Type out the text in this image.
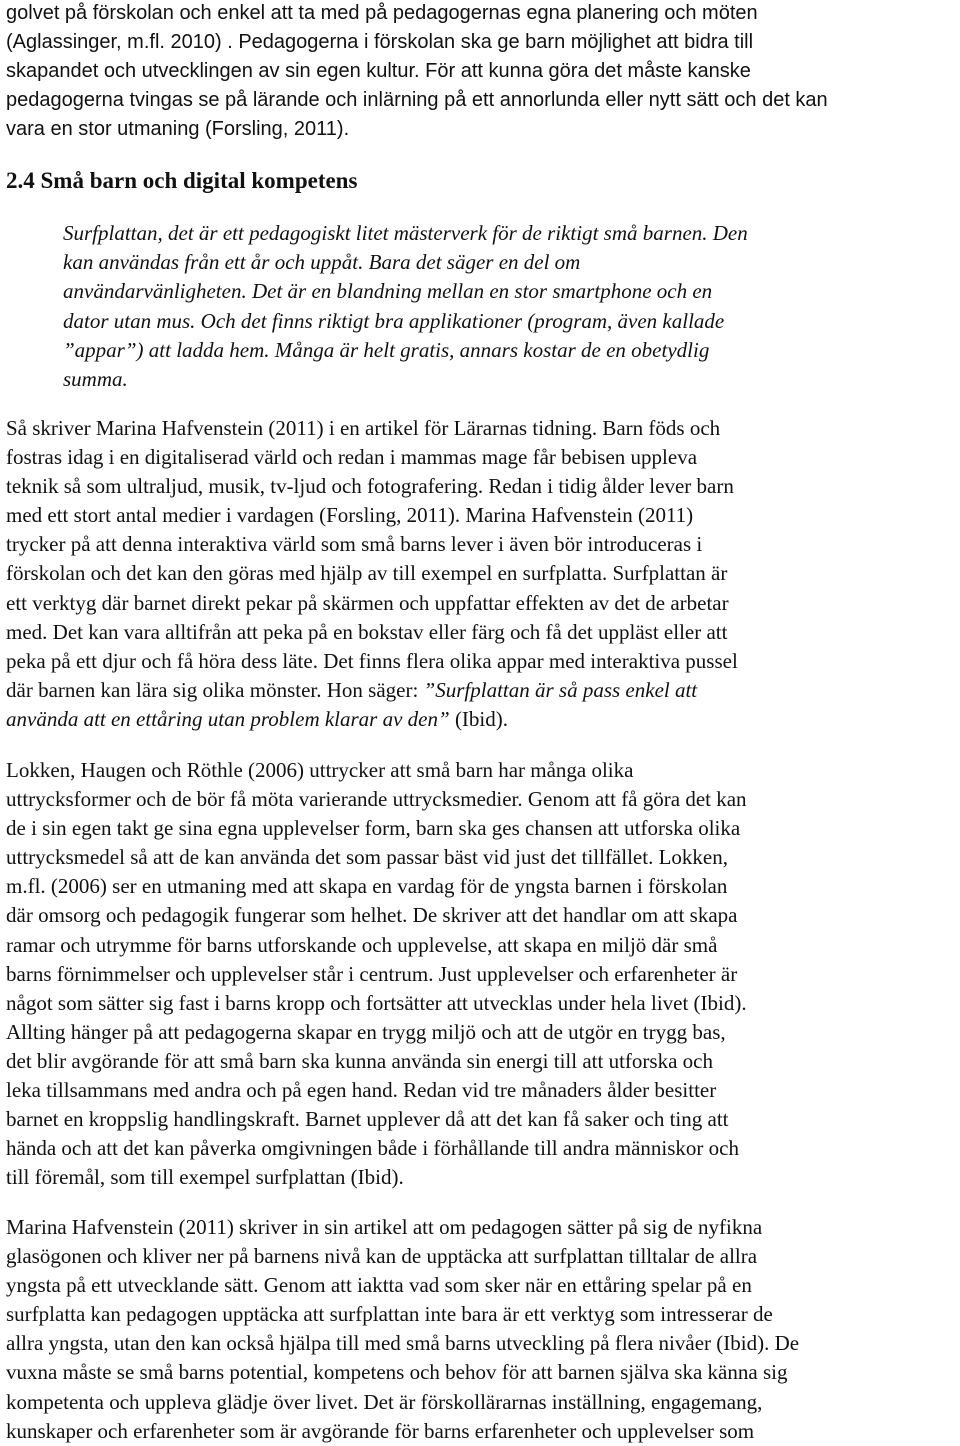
golvet på förskolan och enkel att ta med på pedagogernas egna planering och möten
(Aglassinger, m.fl. 2010) . Pedagogerna i förskolan ska ge barn möjlighet att bidra till
skapandet och utvecklingen av sin egen kultur. För att kunna göra det måste kanske
pedagogerna tvingas se på lärande och inlärning på ett annorlunda eller nytt sätt och det kan
vara en stor utmaning (Forsling, 2011).
2.4 Små barn och digital kompetens
Surfplattan, det är ett pedagogiskt litet mästerverk för de riktigt små barnen. Den
kan användas från ett år och uppåt. Bara det säger en del om
användarvänligheten. Det är en blandning mellan en stor smartphone och en
dator utan mus. Och det finns riktigt bra applikationer (program, även kallade
”appar”) att ladda hem. Många är helt gratis, annars kostar de en obetydlig
summa.
Så skriver Marina Hafvenstein (2011) i en artikel för Lärarnas tidning. Barn föds och
fostras idag i en digitaliserad värld och redan i mammas mage får bebisen uppleva
teknik så som ultraljud, musik, tv-ljud och fotografering. Redan i tidig ålder lever barn
med ett stort antal medier i vardagen (Forsling, 2011). Marina Hafvenstein (2011)
trycker på att denna interaktiva värld som små barns lever i även bör introduceras i
förskolan och det kan den göras med hjälp av till exempel en surfplatta. Surfplattan är
ett verktyg där barnet direkt pekar på skärmen och uppfattar effekten av det de arbetar
med. Det kan vara alltifrån att peka på en bokstav eller färg och få det uppläst eller att
peka på ett djur och få höra dess läte. Det finns flera olika appar med interaktiva pussel
där barnen kan lära sig olika mönster. Hon säger: ”Surfplattan är så pass enkel att
använda att en ettåring utan problem klarar av den” (Ibid).
Lokken, Haugen och Röthle (2006) uttrycker att små barn har många olika
uttrycksformer och de bör få möta varierande uttrycksmedier. Genom att få göra det kan
de i sin egen takt ge sina egna upplevelser form, barn ska ges chansen att utforska olika
uttrycksmedel så att de kan använda det som passar bäst vid just det tillfället. Lokken,
m.fl. (2006) ser en utmaning med att skapa en vardag för de yngsta barnen i förskolan
där omsorg och pedagogik fungerar som helhet. De skriver att det handlar om att skapa
ramar och utrymme för barns utforskande och upplevelse, att skapa en miljö där små
barns förnimmelser och upplevelser står i centrum. Just upplevelser och erfarenheter är
något som sätter sig fast i barns kropp och fortsätter att utvecklas under hela livet (Ibid).
Allting hänger på att pedagogerna skapar en trygg miljö och att de utgör en trygg bas,
det blir avgörande för att små barn ska kunna använda sin energi till att utforska och
leka tillsammans med andra och på egen hand. Redan vid tre månaders ålder besitter
barnet en kroppslig handlingskraft. Barnet upplever då att det kan få saker och ting att
hända och att det kan påverka omgivningen både i förhållande till andra människor och
till föremål, som till exempel surfplattan (Ibid).
Marina Hafvenstein (2011) skriver in sin artikel att om pedagogen sätter på sig de nyfikna
glasögonen och kliver ner på barnens nivå kan de upptäcka att surfplattan tilltalar de allra
yngsta på ett utvecklande sätt. Genom att iaktta vad som sker när en ettåring spelar på en
surfplatta kan pedagogen upptäcka att surfplattan inte bara är ett verktyg som intresserar de
allra yngsta, utan den kan också hjälpa till med små barns utveckling på flera nivåer (Ibid). De
vuxna måste se små barns potential, kompetens och behov för att barnen själva ska känna sig
kompetenta och uppleva glädje över livet. Det är förskollärarnas inställning, engagemang,
kunskaper och erfarenheter som är avgörande för barns erfarenheter och upplevelser som
